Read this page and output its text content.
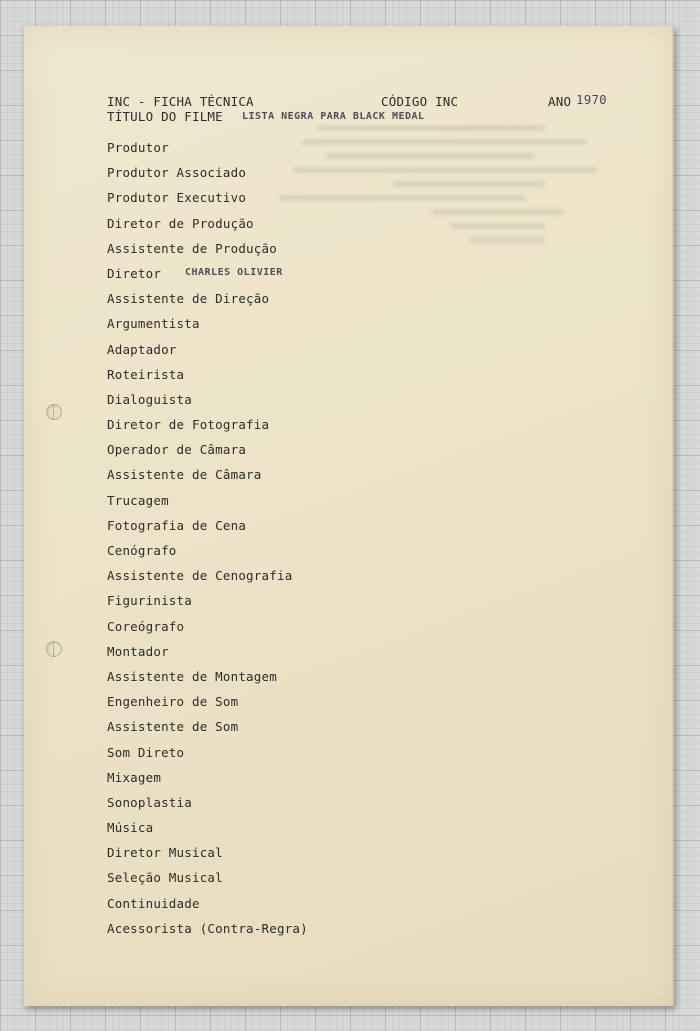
INC - FICHA TÉCNICA	CÓDIGO INC	ANO 1970
TÍTULO DO FILME LISTA NEGRA PARA BLACK MEDAL
Produtor
Produtor Associado
Produtor Executivo
Diretor de Produção
Assistente de Produção
Diretor CHARLES OLIVIER
Assistente de Direção
Argumentista
Adaptador
Roteirista
Dialoguista
Diretor de Fotografia
Operador de Câmara
Assistente de Câmara
Trucagem
Fotografia de Cena
Cenógrafo
Assistente de Cenografia
Figurinista
Coreógrafo
Montador
Assistente de Montagem
Engenheiro de Som
Assistente de Som
Som Direto
Mixagem
Sonoplastia
Música
Diretor Musical
Seleção Musical
Continuidade
Acessorista (Contra-Regra)
